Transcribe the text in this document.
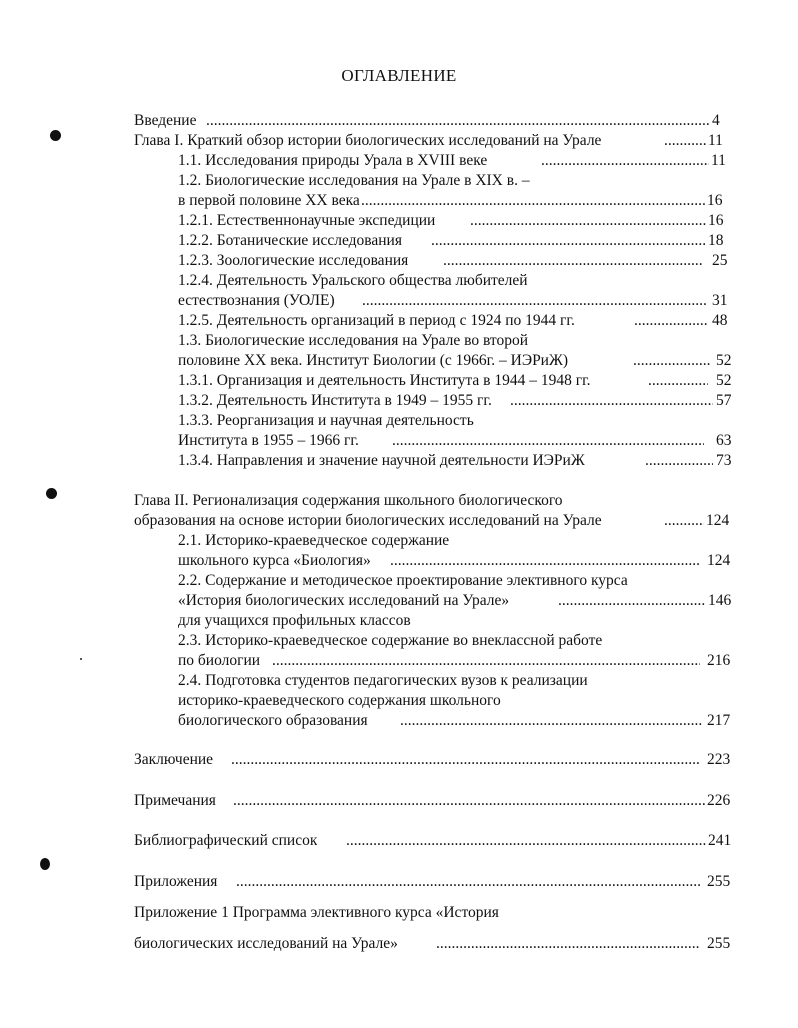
ОГЛАВЛЕНИЕ
Введение .....	4
Глава I. Краткий обзор истории биологических исследований на Урале .....	11
1.1. Исследования природы Урала в XVIII веке .....	11
1.2. Биологические исследования на Урале в XIX в. –
в первой половине XX века .....	16
1.2.1. Естественнонаучные экспедиции .....	16
1.2.2. Ботанические исследования .....	18
1.2.3. Зоологические исследования .....	25
1.2.4. Деятельность Уральского общества любителей
естествознания (УОЛЕ) .....	31
1.2.5. Деятельность организаций в период с 1924 по 1944 гг. .....	48
1.3. Биологические исследования на Урале во второй
половине XX века. Институт Биологии (с 1966г. – ИЭРиЖ) .....	52
1.3.1. Организация и деятельность Института в 1944 – 1948 гг. .....	52
1.3.2. Деятельность Института в 1949 – 1955 гг. .....	57
1.3.3. Реорганизация и научная деятельность
Института в 1955 – 1966 гг. .....	63
1.3.4. Направления и значение научной деятельности ИЭРиЖ .....	73
Глава II. Регионализация содержания школьного биологического
образования на основе истории биологических исследований на Урале .....	124
2.1. Историко-краеведческое содержание
школьного курса «Биология» .....	124
2.2. Содержание и методическое проектирование элективного курса
«История биологических исследований на Урале» .....	146
для учащихся профильных классов
2.3. Историко-краеведческое содержание во внеклассной работе
по биологии .....	216
2.4. Подготовка студентов педагогических вузов к реализации
историко-краеведческого содержания школьного
биологического образования .....	217
Заключение .....	223
Примечания .....	226
Библиографический список .....	241
Приложения .....	255
Приложение 1 Программа элективного курса «История
биологических исследований на Урале» .....	255
